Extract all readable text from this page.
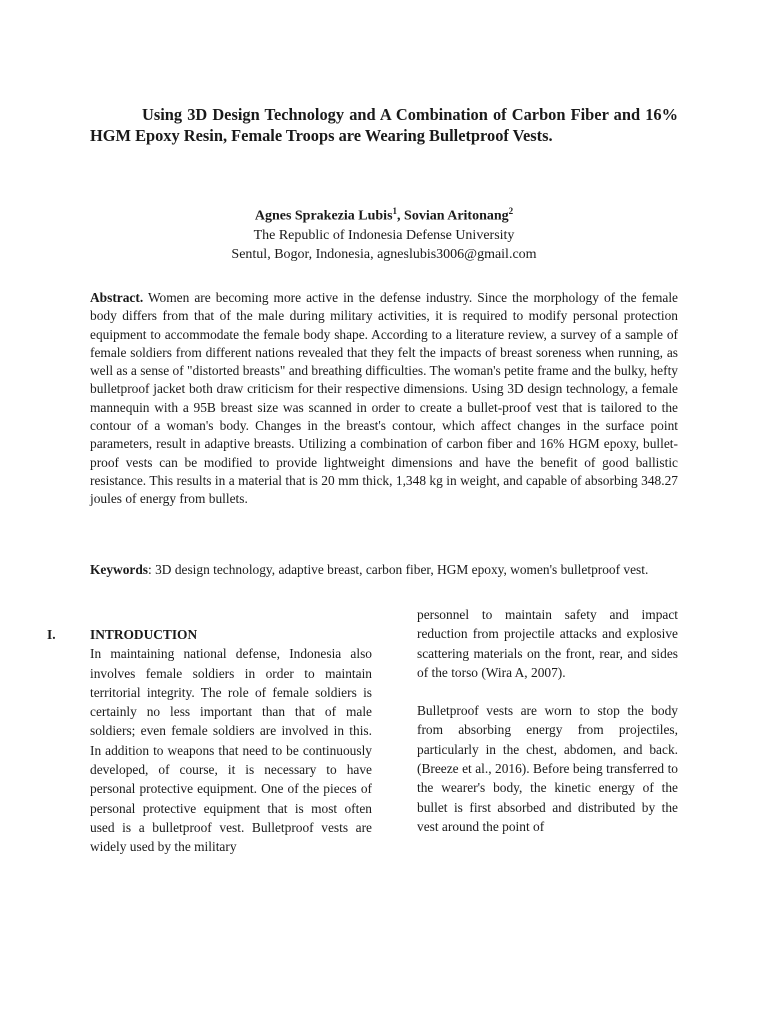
Using 3D Design Technology and A Combination of Carbon Fiber and 16% HGM Epoxy Resin, Female Troops are Wearing Bulletproof Vests.
Agnes Sprakezia Lubis$^1$, Sovian Aritonang$^2$
The Republic of Indonesia Defense University
Sentul, Bogor, Indonesia, agneslubis3006@gmail.com

Abstract. Women are becoming more active in the defense industry. Since the morphology of the female body differs from that of the male during military activities, it is required to modify personal protection equipment to accommodate the female body shape. According to a literature review, a survey of a sample of female soldiers from different nations revealed that they felt the impacts of breast soreness when running, as well as a sense of "distorted breasts" and breathing difficulties. The woman's petite frame and the bulky, hefty bulletproof jacket both draw criticism for their respective dimensions. Using 3D design technology, a female mannequin with a 95B breast size was scanned in order to create a bullet-proof vest that is tailored to the contour of a woman's body. Changes in the breast's contour, which affect changes in the surface point parameters, result in adaptive breasts. Utilizing a combination of carbon fiber and 16% HGM epoxy, bullet-proof vests can be modified to provide lightweight dimensions and have the benefit of good ballistic resistance. This results in a material that is 20 mm thick, 1,348 kg in weight, and capable of absorbing 348.27 joules of energy from bullets.

Keywords: 3D design technology, adaptive breast, carbon fiber, HGM epoxy, women's bulletproof vest.

I.	INTRODUCTION

In maintaining national defense, Indonesia also involves female soldiers in order to maintain territorial integrity. The role of female soldiers is certainly no less important than that of male soldiers; even female soldiers are involved in this. In addition to weapons that need to be continuously developed, of course, it is necessary to have personal protective equipment. One of the pieces of personal protective equipment that is most often used is a bulletproof vest. Bulletproof vests are widely used by the military

personnel to maintain safety and impact reduction from projectile attacks and explosive scattering materials on the front, rear, and sides of the torso (Wira A, 2007).

Bulletproof vests are worn to stop the body from absorbing energy from projectiles, particularly in the chest, abdomen, and back. (Breeze et al., 2016). Before being transferred to the wearer's body, the kinetic energy of the bullet is first absorbed and distributed by the vest around the point of
